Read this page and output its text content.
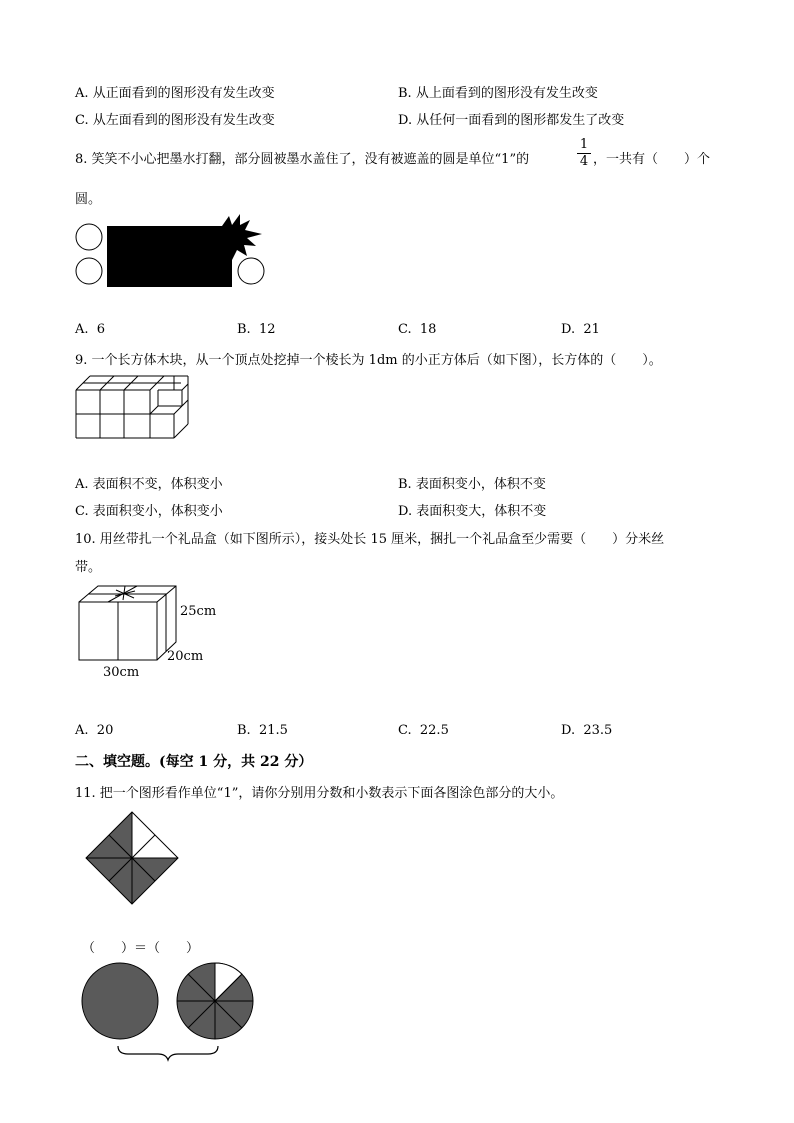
A. 从正面看到的图形没有发生改变	B. 从上面看到的图形没有发生改变
C. 从左面看到的图形没有发生改变	D. 从任何一面看到的图形都发生了改变
8. 笑笑不小心把墨水打翻，部分圆被墨水盖住了，没有被遮盖的圆是单位“1”的
1
4 ，一共有（　　）个
圆。
A. 6	B. 12	C. 18	D. 21
9. 一个长方体木块，从一个顶点处挖掉一个棱长为 1dm 的小正方体后（如下图），长方体的（　　）。
A. 表面积不变，体积变小	B. 表面积变小，体积不变
C. 表面积变小，体积变小	D. 表面积变大，体积不变
10. 用丝带扎一个礼品盒（如下图所示），接头处长 15 厘米，捆扎一个礼品盒至少需要（　　）分米丝
带。
25cm
20cm
30cm
A. 20	B. 21.5	C. 22.5	D. 23.5
二、填空题。(每空 1 分，共 22 分）
11. 把一个图形看作单位“1”，请你分别用分数和小数表示下面各图涂色部分的大小。
（　　）＝（　　）
